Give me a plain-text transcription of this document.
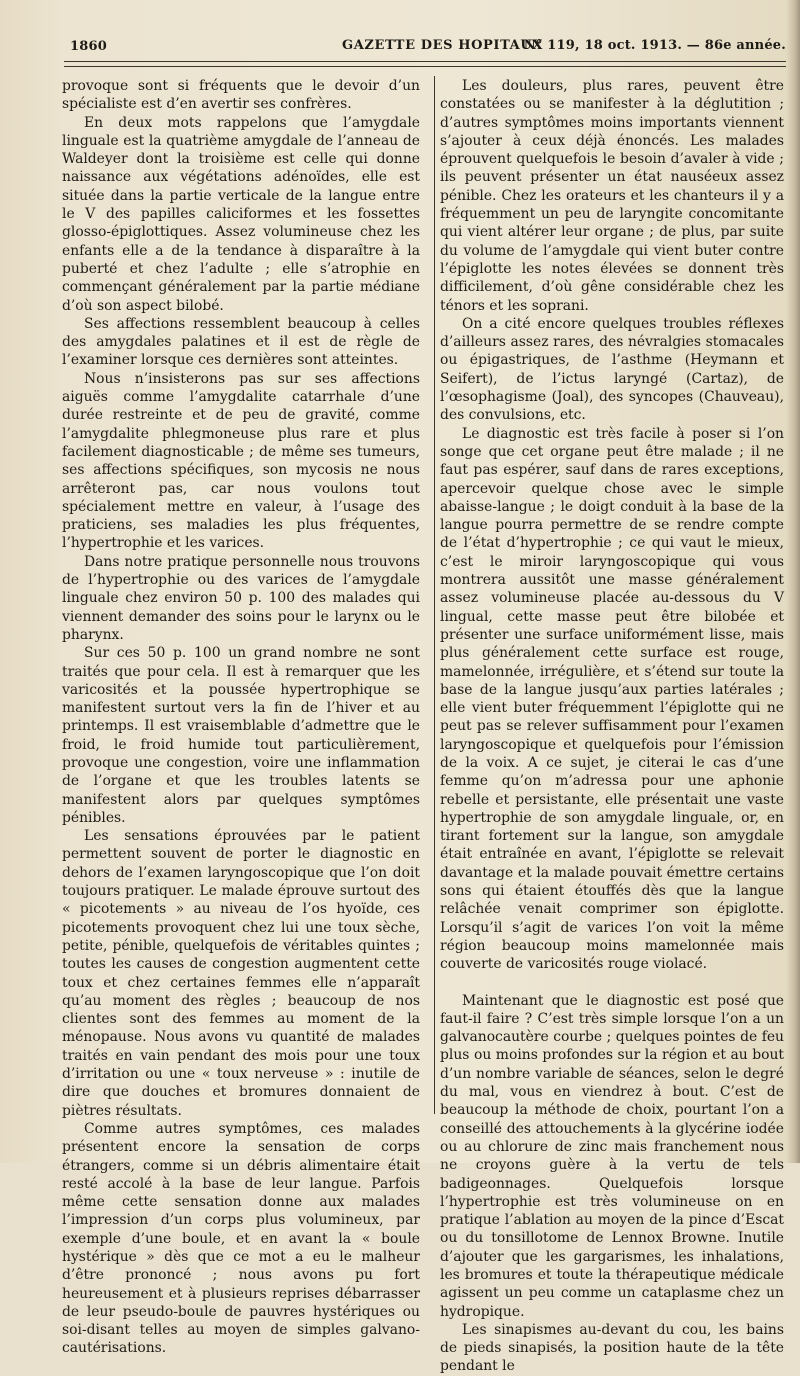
1860	GAZETTE DES HOPITAUX
N° 119, 18 oct. 1913. — 86e année.

provoque sont si fréquents que le devoir d’un spécialiste est d’en avertir ses confrères.

En deux mots rappelons que l’amygdale linguale est la quatrième amygdale de l’anneau de Waldeyer dont la troisième est celle qui donne naissance aux végétations adénoïdes, elle est située dans la partie verticale de la langue entre le V des papilles caliciformes et les fossettes glosso-épiglottiques. Assez volumineuse chez les enfants elle a de la tendance à disparaître à la puberté et chez l’adulte ; elle s’atrophie en commençant généralement par la partie médiane d’où son aspect bilobé.

Ses affections ressemblent beaucoup à celles des amygdales palatines et il est de règle de l’examiner lorsque ces dernières sont atteintes.

Nous n’insisterons pas sur ses affections aiguës comme l’amygdalite catarrhale d’une durée restreinte et de peu de gravité, comme l’amygdalite phlegmoneuse plus rare et plus facilement diagnosticable ; de même ses tumeurs, ses affections spécifiques, son mycosis ne nous arrêteront pas, car nous voulons tout spécialement mettre en valeur, à l’usage des praticiens, ses maladies les plus fréquentes, l’hypertrophie et les varices.

Dans notre pratique personnelle nous trouvons de l’hypertrophie ou des varices de l’amygdale linguale chez environ 50 p. 100 des malades qui viennent demander des soins pour le larynx ou le pharynx.

Sur ces 50 p. 100 un grand nombre ne sont traités que pour cela. Il est à remarquer que les varicosités et la poussée hypertrophique se manifestent surtout vers la fin de l’hiver et au printemps. Il est vraisemblable d’admettre que le froid, le froid humide tout particulièrement, provoque une congestion, voire une inflammation de l’organe et que les troubles latents se manifestent alors par quelques symptômes pénibles.

Les sensations éprouvées par le patient permettent souvent de porter le diagnostic en dehors de l’examen laryngoscopique que l’on doit toujours pratiquer. Le malade éprouve surtout des « picotements » au niveau de l’os hyoïde, ces picotements provoquent chez lui une toux sèche, petite, pénible, quelquefois de véritables quintes ; toutes les causes de congestion augmentent cette toux et chez certaines femmes elle n’apparaît qu’au moment des règles ; beaucoup de nos clientes sont des femmes au moment de la ménopause. Nous avons vu quantité de malades traités en vain pendant des mois pour une toux d’irritation ou une « toux nerveuse » : inutile de dire que douches et bromures donnaient de piètres résultats.

Comme autres symptômes, ces malades présentent encore la sensation de corps étrangers, comme si un débris alimentaire était resté accolé à la base de leur langue. Parfois même cette sensation donne aux malades l’impression d’un corps plus volumineux, par exemple d’une boule, et en avant la « boule hystérique » dès que ce mot a eu le malheur d’être prononcé ; nous avons pu fort heureusement et à plusieurs reprises débarrasser de leur pseudo-boule de pauvres hystériques ou soi-disant telles au moyen de simples galvano-cautérisations.

Les douleurs, plus rares, peuvent être constatées ou se manifester à la déglutition ; d’autres symptômes moins importants viennent s’ajouter à ceux déjà énoncés. Les malades éprouvent quelquefois le besoin d’avaler à vide ; ils peuvent présenter un état nauséeux assez pénible. Chez les orateurs et les chanteurs il y a fréquemment un peu de laryngite concomitante qui vient altérer leur organe ; de plus, par suite du volume de l’amygdale qui vient buter contre l’épiglotte les notes élevées se donnent très difficilement, d’où gêne considérable chez les ténors et les soprani.

On a cité encore quelques troubles réflexes d’ailleurs assez rares, des névralgies stomacales ou épigastriques, de l’asthme (Heymann et Seifert), de l’ictus laryngé (Cartaz), de l’œsophagisme (Joal), des syncopes (Chauveau), des convulsions, etc.

Le diagnostic est très facile à poser si l’on songe que cet organe peut être malade ; il ne faut pas espérer, sauf dans de rares exceptions, apercevoir quelque chose avec le simple abaisse-langue ; le doigt conduit à la base de la langue pourra permettre de se rendre compte de l’état d’hypertrophie ; ce qui vaut le mieux, c’est le miroir laryngoscopique qui vous montrera aussitôt une masse généralement assez volumineuse placée au-dessous du V lingual, cette masse peut être bilobée et présenter une surface uniformément lisse, mais plus généralement cette surface est rouge, mamelonnée, irrégulière, et s’étend sur toute la base de la langue jusqu’aux parties latérales ; elle vient buter fréquemment l’épiglotte qui ne peut pas se relever suffisamment pour l’examen laryngoscopique et quelquefois pour l’émission de la voix. A ce sujet, je citerai le cas d’une femme qu’on m’adressa pour une aphonie rebelle et persistante, elle présentait une vaste hypertrophie de son amygdale linguale, or, en tirant fortement sur la langue, son amygdale était entraînée en avant, l’épiglotte se relevait davantage et la malade pouvait émettre certains sons qui étaient étouffés dès que la langue relâchée venait comprimer son épiglotte. Lorsqu’il s’agit de varices l’on voit la même région beaucoup moins mamelonnée mais couverte de varicosités rouge violacé.

Maintenant que le diagnostic est posé que faut-il faire ? C’est très simple lorsque l’on a un galvanocautère courbe ; quelques pointes de feu plus ou moins profondes sur la région et au bout d’un nombre variable de séances, selon le degré du mal, vous en viendrez à bout. C’est de beaucoup la méthode de choix, pourtant l’on a conseillé des attouchements à la glycérine iodée ou au chlorure de zinc mais franchement nous ne croyons guère à la vertu de tels badigeonnages. Quelquefois lorsque l’hypertrophie est très volumineuse on en pratique l’ablation au moyen de la pince d’Escat ou du tonsillotome de Lennox Browne. Inutile d’ajouter que les gargarismes, les inhalations, les bromures et toute la thérapeutique médicale agissent un peu comme un cataplasme chez un hydropique.

Les sinapismes au-devant du cou, les bains de pieds sinapisés, la position haute de la tête pendant le
